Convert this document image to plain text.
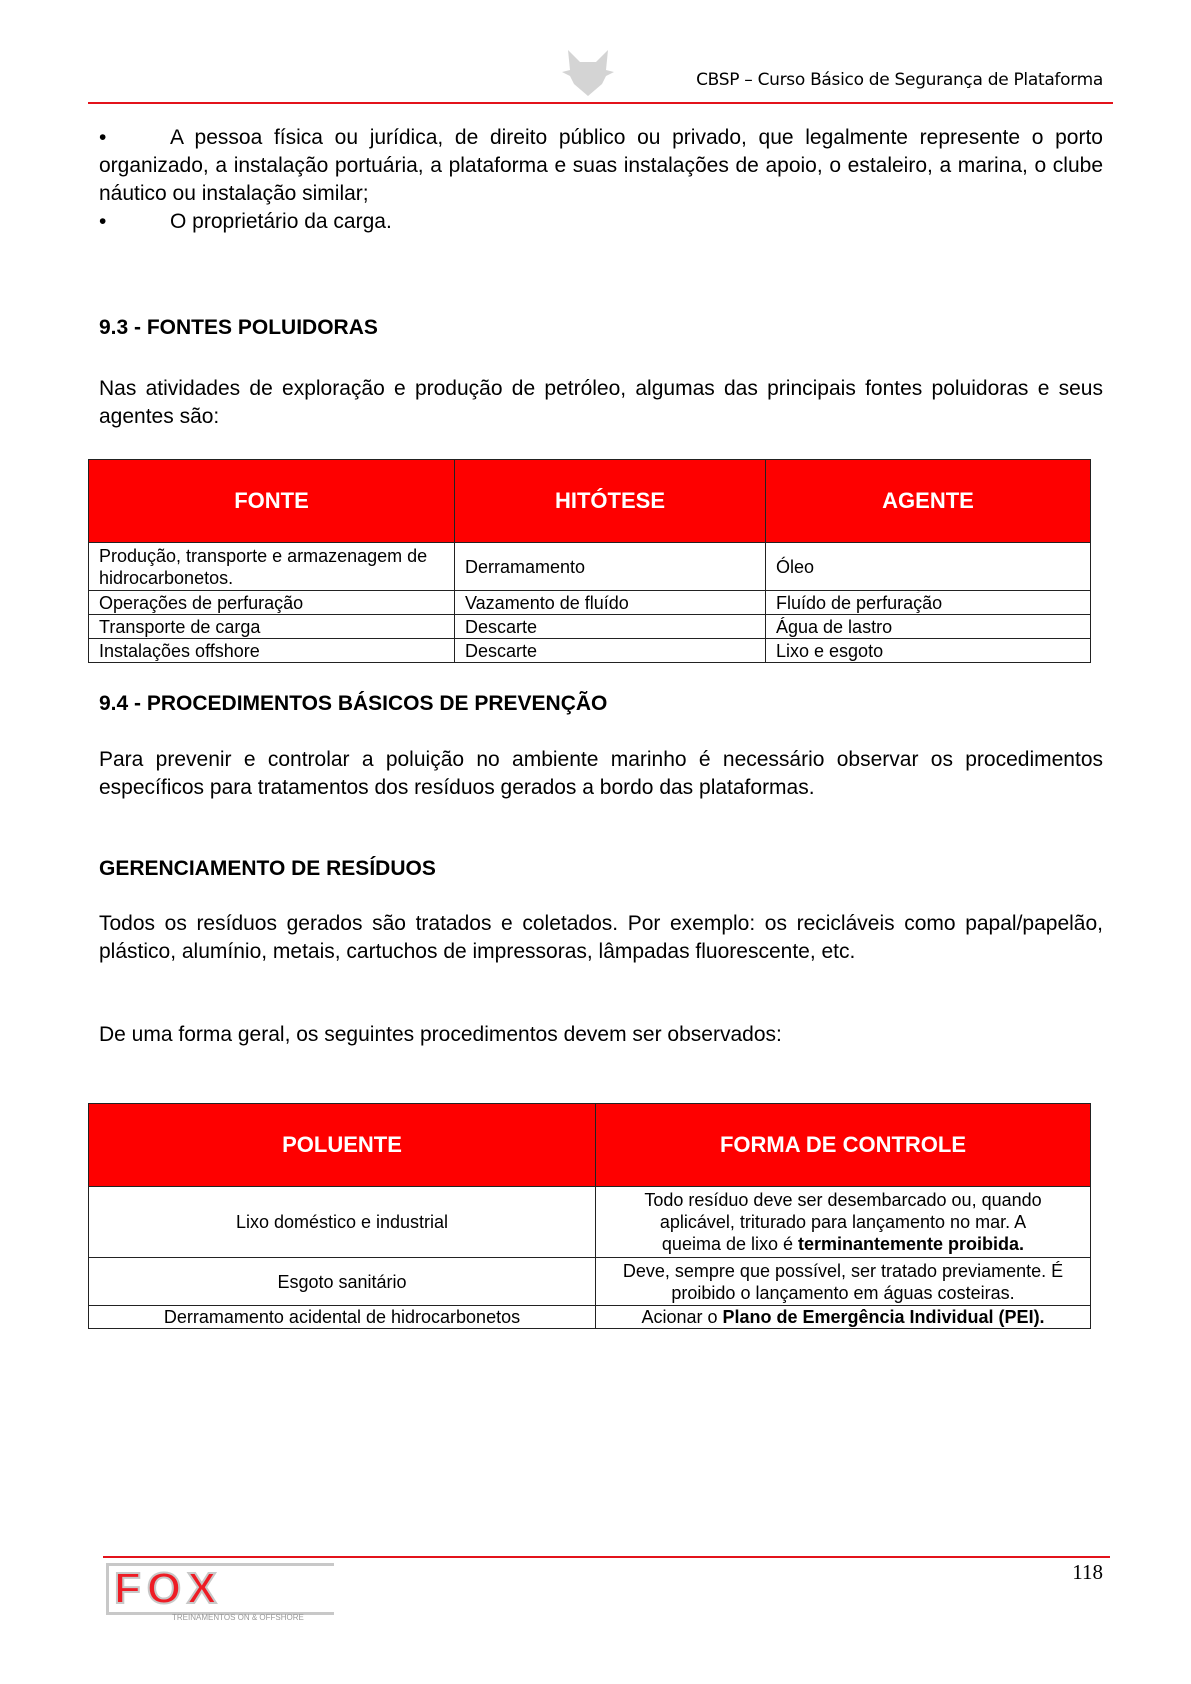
CBSP – Curso Básico de Segurança de Plataforma
•	A pessoa física ou jurídica, de direito público ou privado, que legalmente represente o porto organizado, a instalação portuária, a plataforma e suas instalações de apoio, o estaleiro, a marina, o clube náutico ou instalação similar;
•	O proprietário da carga.
9.3 - FONTES POLUIDORAS
Nas atividades de exploração e produção de petróleo, algumas das principais fontes poluidoras e seus agentes são:
FONTE	HITÓTESE	AGENTE
Produção, transporte e armazenagem de hidrocarbonetos.	Derramamento	Óleo
Operações de perfuração	Vazamento de fluído	Fluído de perfuração
Transporte de carga	Descarte	Água de lastro
Instalações offshore	Descarte	Lixo e esgoto
9.4 - PROCEDIMENTOS BÁSICOS DE PREVENÇÃO
Para prevenir e controlar a poluição no ambiente marinho é necessário observar os procedimentos específicos para tratamentos dos resíduos gerados a bordo das plataformas.
GERENCIAMENTO DE RESÍDUOS
Todos os resíduos gerados são tratados e coletados. Por exemplo: os recicláveis como papal/papelão, plástico, alumínio, metais, cartuchos de impressoras, lâmpadas fluorescente, etc.
De uma forma geral, os seguintes procedimentos devem ser observados:
POLUENTE	FORMA DE CONTROLE
Lixo doméstico e industrial	Todo resíduo deve ser desembarcado ou, quando aplicável, triturado para lançamento no mar. A queima de lixo é terminantemente proibida.
Esgoto sanitário	Deve, sempre que possível, ser tratado previamente. É proibido o lançamento em águas costeiras.
Derramamento acidental de hidrocarbonetos	Acionar o Plano de Emergência Individual (PEI).
FOX
TREINAMENTOS ON & OFFSHORE
118
